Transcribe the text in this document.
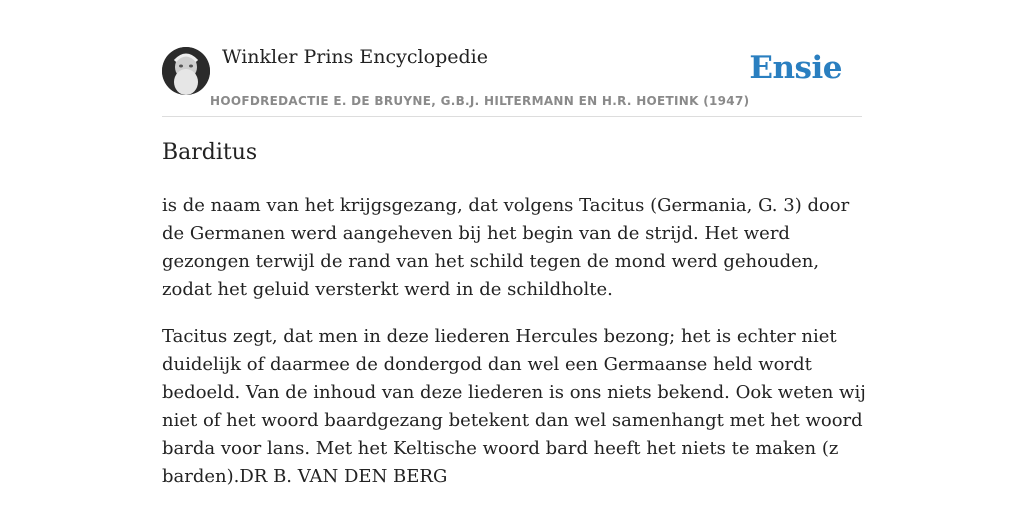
Winkler Prins Encyclopedie
HOOFDREDACTIE E. DE BRUYNE, G.B.J. HILTERMANN EN H.R. HOETINK (1947)
Ensie
Barditus

is de naam van het krijgsgezang, dat volgens Tacitus (Germania, G. 3) door de Germanen werd aangeheven bij het begin van de strijd. Het werd gezongen terwijl de rand van het schild tegen de mond werd gehouden, zodat het geluid versterkt werd in de schildholte.

Tacitus zegt, dat men in deze liederen Hercules bezong; het is echter niet duidelijk of daarmee de dondergod dan wel een Germaanse held wordt bedoeld. Van de inhoud van deze liederen is ons niets bekend. Ook weten wij niet of het woord baardgezang betekent dan wel samenhangt met het woord barda voor lans. Met het Keltische woord bard heeft het niets te maken (z barden).DR B. VAN DEN BERG
